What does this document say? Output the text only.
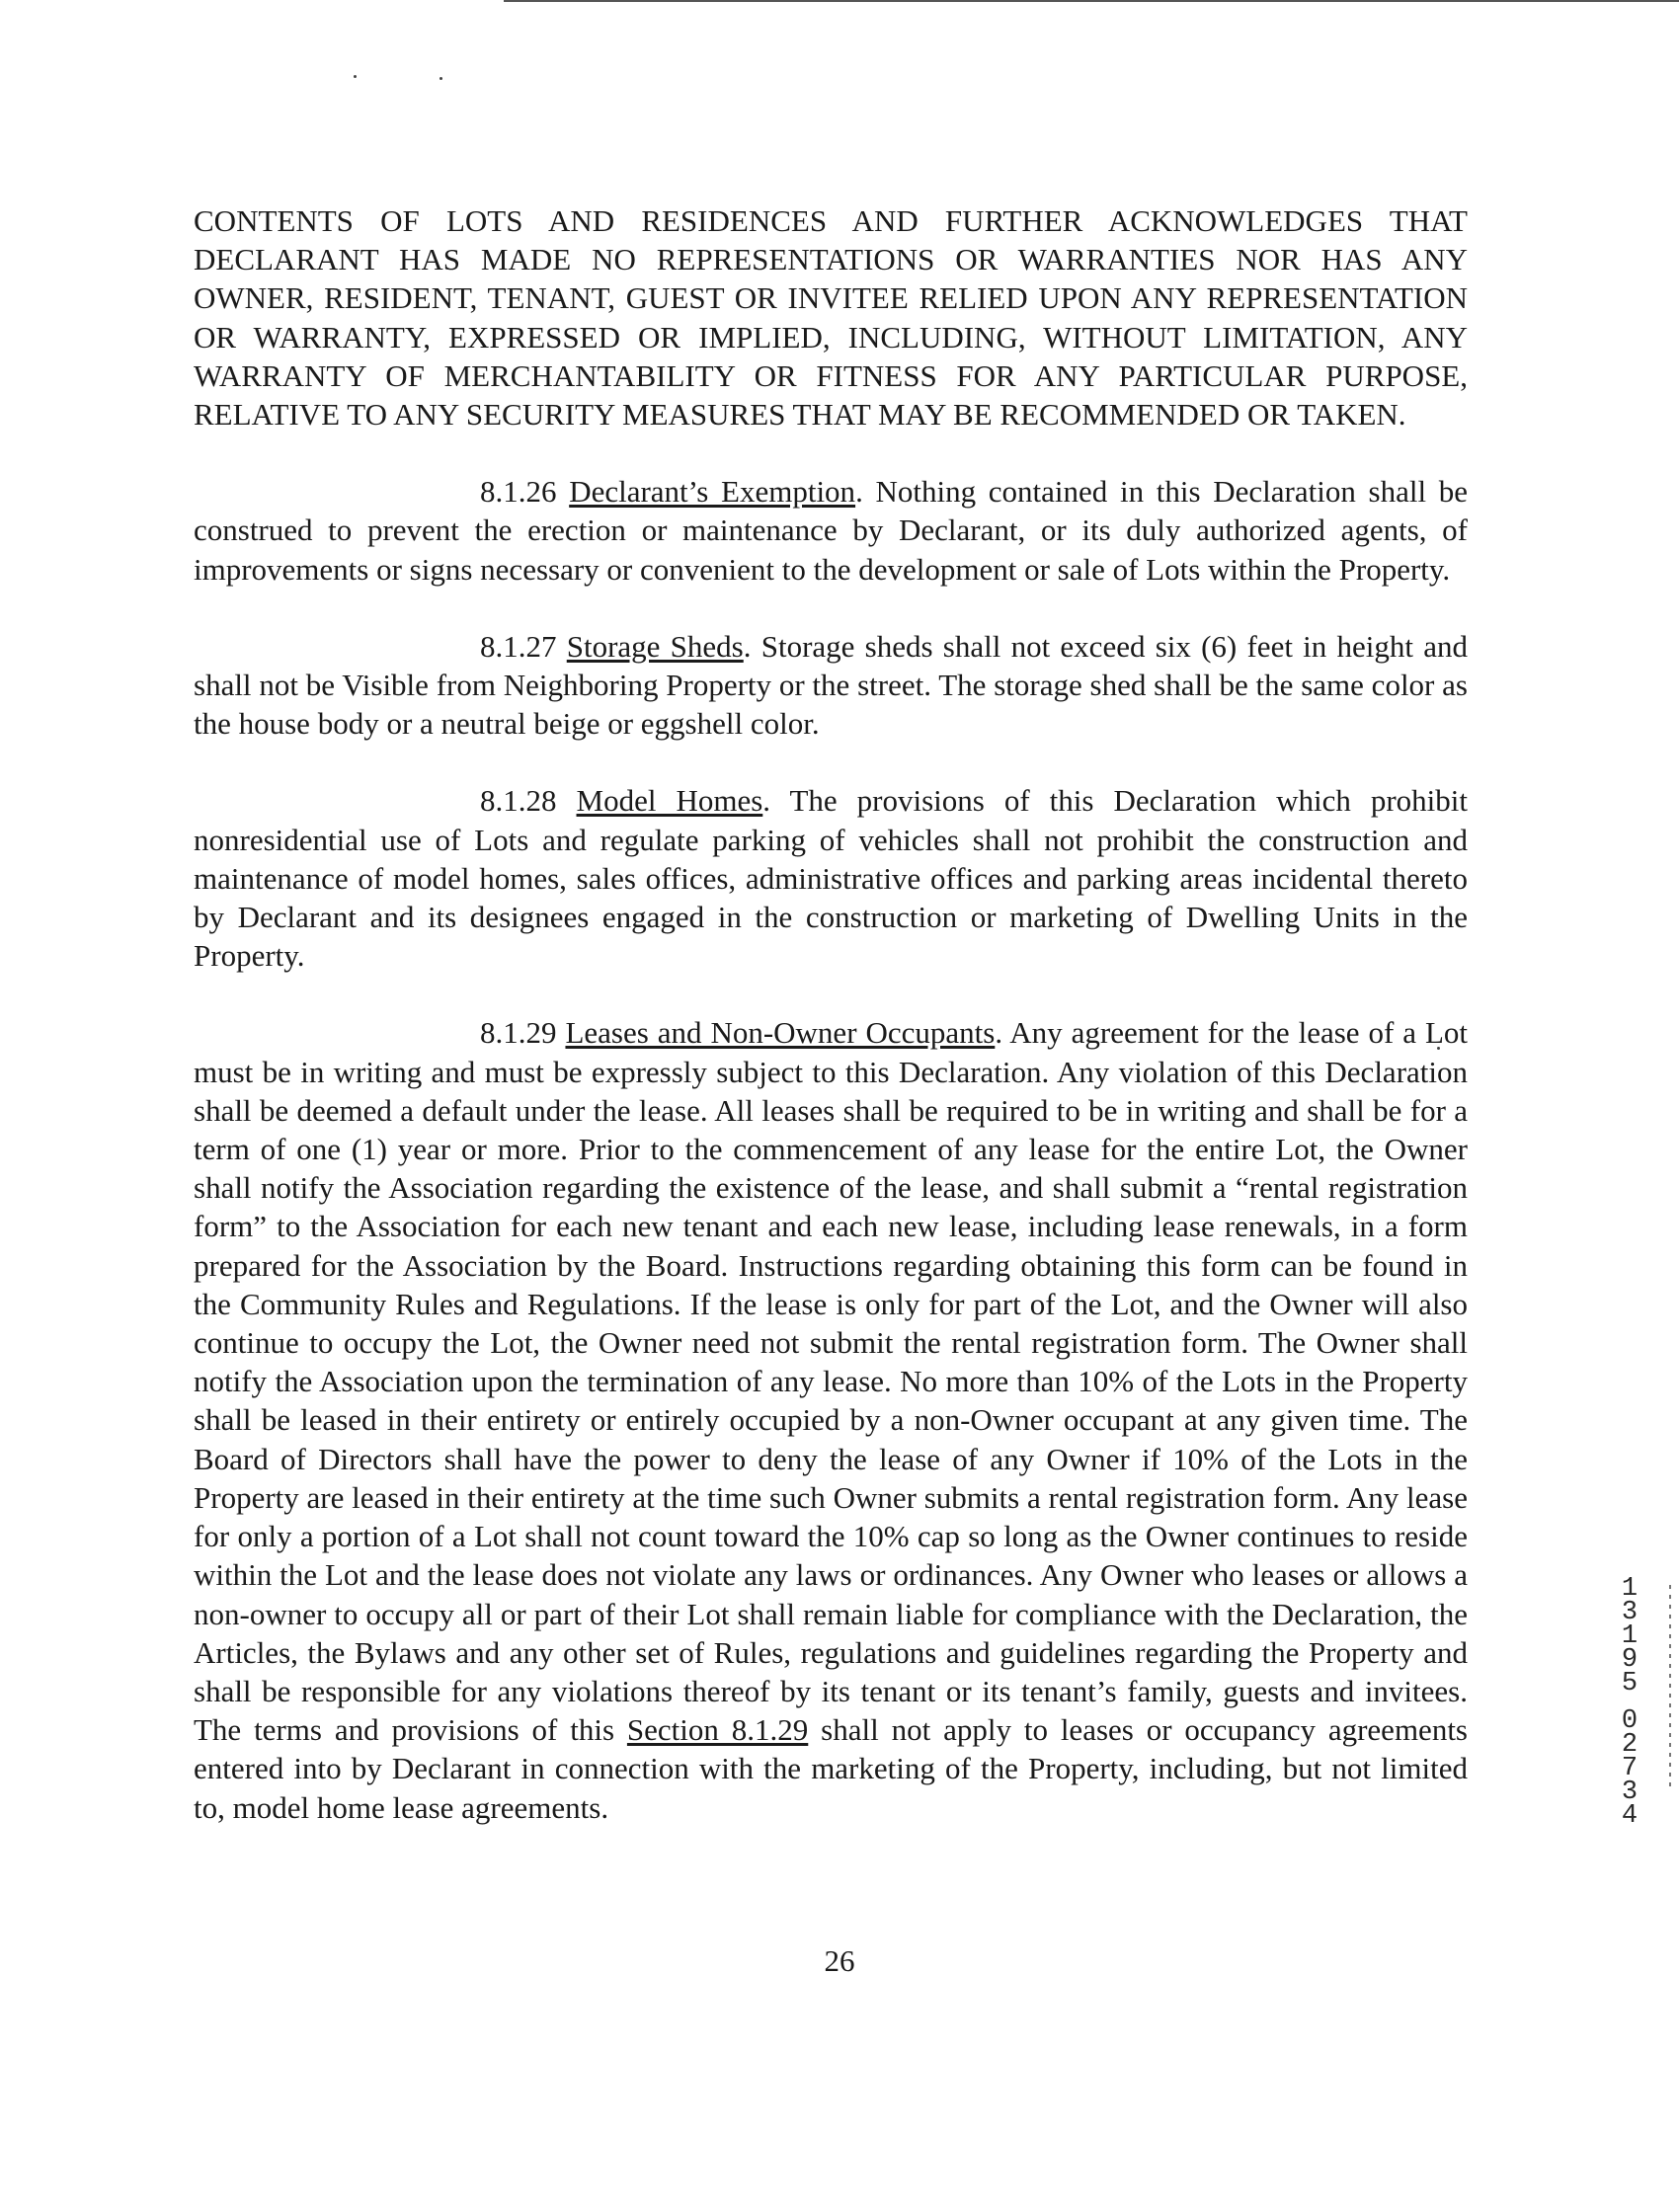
CONTENTS OF LOTS AND RESIDENCES AND FURTHER ACKNOWLEDGES THAT DECLARANT HAS MADE NO REPRESENTATIONS OR WARRANTIES NOR HAS ANY OWNER, RESIDENT, TENANT, GUEST OR INVITEE RELIED UPON ANY REPRESENTATION OR WARRANTY, EXPRESSED OR IMPLIED, INCLUDING, WITHOUT LIMITATION, ANY WARRANTY OF MERCHANTABILITY OR FITNESS FOR ANY PARTICULAR PURPOSE, RELATIVE TO ANY SECURITY MEASURES THAT MAY BE RECOMMENDED OR TAKEN.

8.1.26 Declarant’s Exemption. Nothing contained in this Declaration shall be construed to prevent the erection or maintenance by Declarant, or its duly authorized agents, of improvements or signs necessary or convenient to the development or sale of Lots within the Property.

8.1.27 Storage Sheds. Storage sheds shall not exceed six (6) feet in height and shall not be Visible from Neighboring Property or the street. The storage shed shall be the same color as the house body or a neutral beige or eggshell color.

8.1.28 Model Homes. The provisions of this Declaration which prohibit nonresidential use of Lots and regulate parking of vehicles shall not prohibit the construction and maintenance of model homes, sales offices, administrative offices and parking areas incidental thereto by Declarant and its designees engaged in the construction or marketing of Dwelling Units in the Property.

8.1.29 Leases and Non-Owner Occupants. Any agreement for the lease of a Lot must be in writing and must be expressly subject to this Declaration. Any violation of this Declaration shall be deemed a default under the lease. All leases shall be required to be in writing and shall be for a term of one (1) year or more. Prior to the commencement of any lease for the entire Lot, the Owner shall notify the Association regarding the existence of the lease, and shall submit a “rental registration form” to the Association for each new tenant and each new lease, including lease renewals, in a form prepared for the Association by the Board. Instructions regarding obtaining this form can be found in the Community Rules and Regulations. If the lease is only for part of the Lot, and the Owner will also continue to occupy the Lot, the Owner need not submit the rental registration form. The Owner shall notify the Association upon the termination of any lease. No more than 10% of the Lots in the Property shall be leased in their entirety or entirely occupied by a non-Owner occupant at any given time. The Board of Directors shall have the power to deny the lease of any Owner if 10% of the Lots in the Property are leased in their entirety at the time such Owner submits a rental registration form. Any lease for only a portion of a Lot shall not count toward the 10% cap so long as the Owner continues to reside within the Lot and the lease does not violate any laws or ordinances. Any Owner who leases or allows a non-owner to occupy all or part of their Lot shall remain liable for compliance with the Declaration, the Articles, the Bylaws and any other set of Rules, regulations and guidelines regarding the Property and shall be responsible for any violations thereof by its tenant or its tenant’s family, guests and invitees. The terms and provisions of this Section 8.1.29 shall not apply to leases or occupancy agreements entered into by Declarant in connection with the marketing of the Property, including, but not limited to, model home lease agreements.

26
1
3
1
9
5
0
2
7
3
4
